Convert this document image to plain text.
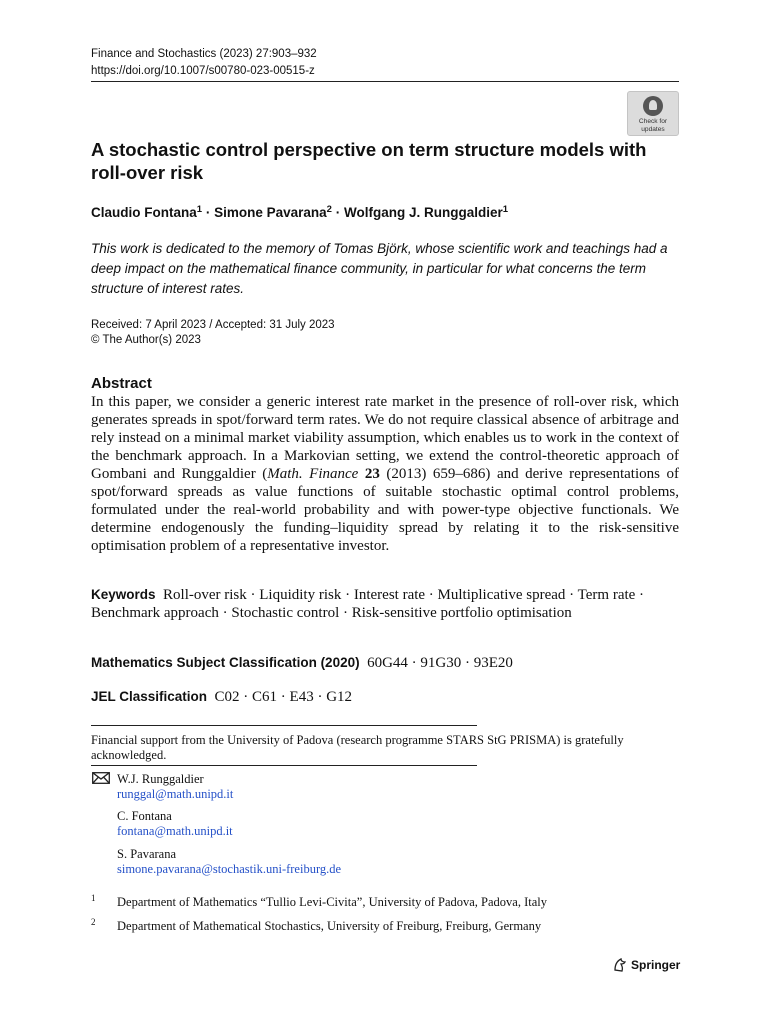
Finance and Stochastics (2023) 27:903–932
https://doi.org/10.1007/s00780-023-00515-z
Check for
updates
A stochastic control perspective on term structure models with roll-over risk
Claudio Fontana$^1$ · Simone Pavarana$^2$ · Wolfgang J. Runggaldier$^1$
This work is dedicated to the memory of Tomas Björk, whose scientific work and teachings had a deep impact on the mathematical finance community, in particular for what concerns the term structure of interest rates.
Received: 7 April 2023 / Accepted: 31 July 2023
© The Author(s) 2023
Abstract
In this paper, we consider a generic interest rate market in the presence of roll-over risk, which generates spreads in spot/forward term rates. We do not require classical absence of arbitrage and rely instead on a minimal market viability assumption, which enables us to work in the context of the benchmark approach. In a Markovian setting, we extend the control-theoretic approach of Gombani and Runggaldier (Math. Finance 23 (2013) 659–686) and derive representations of spot/forward spreads as value functions of suitable stochastic optimal control problems, formulated under the real-world probability and with power-type objective functionals. We determine endogenously the funding–liquidity spread by relating it to the risk-sensitive optimisation problem of a representative investor.
Keywords Roll-over risk · Liquidity risk · Interest rate · Multiplicative spread · Term rate · Benchmark approach · Stochastic control · Risk-sensitive portfolio optimisation
Mathematics Subject Classification (2020) 60G44 · 91G30 · 93E20
JEL Classification C02 · C61 · E43 · G12
Financial support from the University of Padova (research programme STARS StG PRISMA) is gratefully acknowledged.
W.J. Runggaldier
runggal@math.unipd.it
C. Fontana
fontana@math.unipd.it
S. Pavarana
simone.pavarana@stochastik.uni-freiburg.de
1 Department of Mathematics “Tullio Levi-Civita”, University of Padova, Padova, Italy
2 Department of Mathematical Stochastics, University of Freiburg, Freiburg, Germany
Springer
